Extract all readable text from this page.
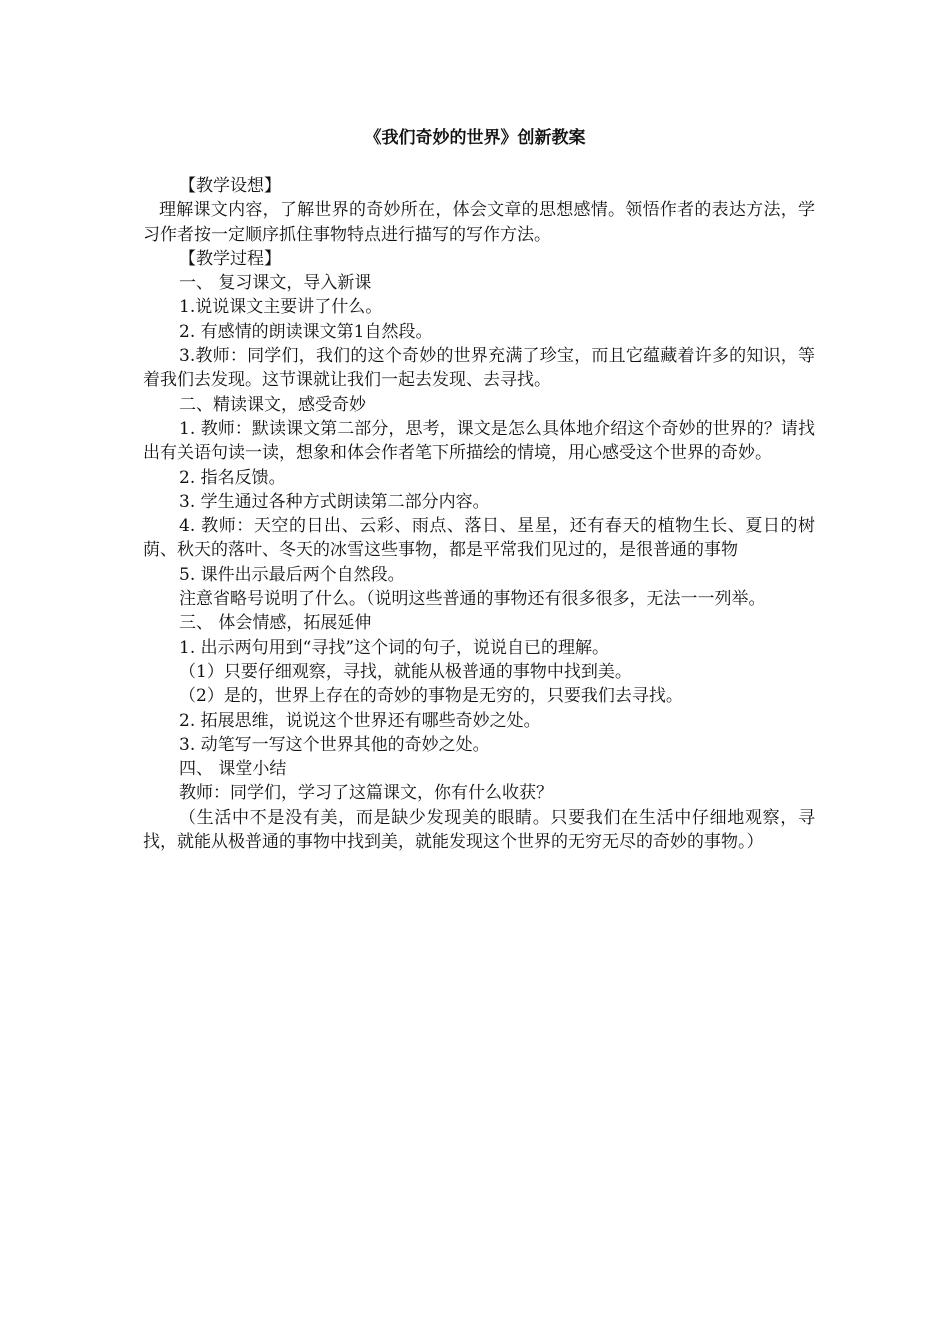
《我们奇妙的世界》创新教案

【教学设想】

理解课文内容，了解世界的奇妙所在，体会文章的思想感情。领悟作者的表达方法，学习作者按一定顺序抓住事物特点进行描写的写作方法。

【教学过程】

一、 复习课文，导入新课

1.说说课文主要讲了什么。

2. 有感情的朗读课文第1自然段。

3.教师：同学们，我们的这个奇妙的世界充满了珍宝，而且它蕴藏着许多的知识，等着我们去发现。这节课就让我们一起去发现、去寻找。

二、精读课文，感受奇妙

1. 教师：默读课文第二部分，思考，课文是怎么具体地介绍这个奇妙的世界的？请找出有关语句读一读，想象和体会作者笔下所描绘的情境，用心感受这个世界的奇妙。

2. 指名反馈。

3. 学生通过各种方式朗读第二部分内容。

4. 教师：天空的日出、云彩、雨点、落日、星星，还有春天的植物生长、夏日的树荫、秋天的落叶、冬天的冰雪这些事物，都是平常我们见过的，是很普通的事物

5. 课件出示最后两个自然段。

注意省略号说明了什么。（说明这些普通的事物还有很多很多，无法一一列举。

三、 体会情感，拓展延伸

1. 出示两句用到“寻找”这个词的句子，说说自已的理解。

（1）只要仔细观察，寻找，就能从极普通的事物中找到美。

（2）是的，世界上存在的奇妙的事物是无穷的，只要我们去寻找。

2. 拓展思维，说说这个世界还有哪些奇妙之处。

3. 动笔写一写这个世界其他的奇妙之处。

四、 课堂小结

教师：同学们，学习了这篇课文，你有什么收获？

（生活中不是没有美，而是缺少发现美的眼睛。只要我们在生活中仔细地观察，寻找，就能从极普通的事物中找到美，就能发现这个世界的无穷无尽的奇妙的事物。）
